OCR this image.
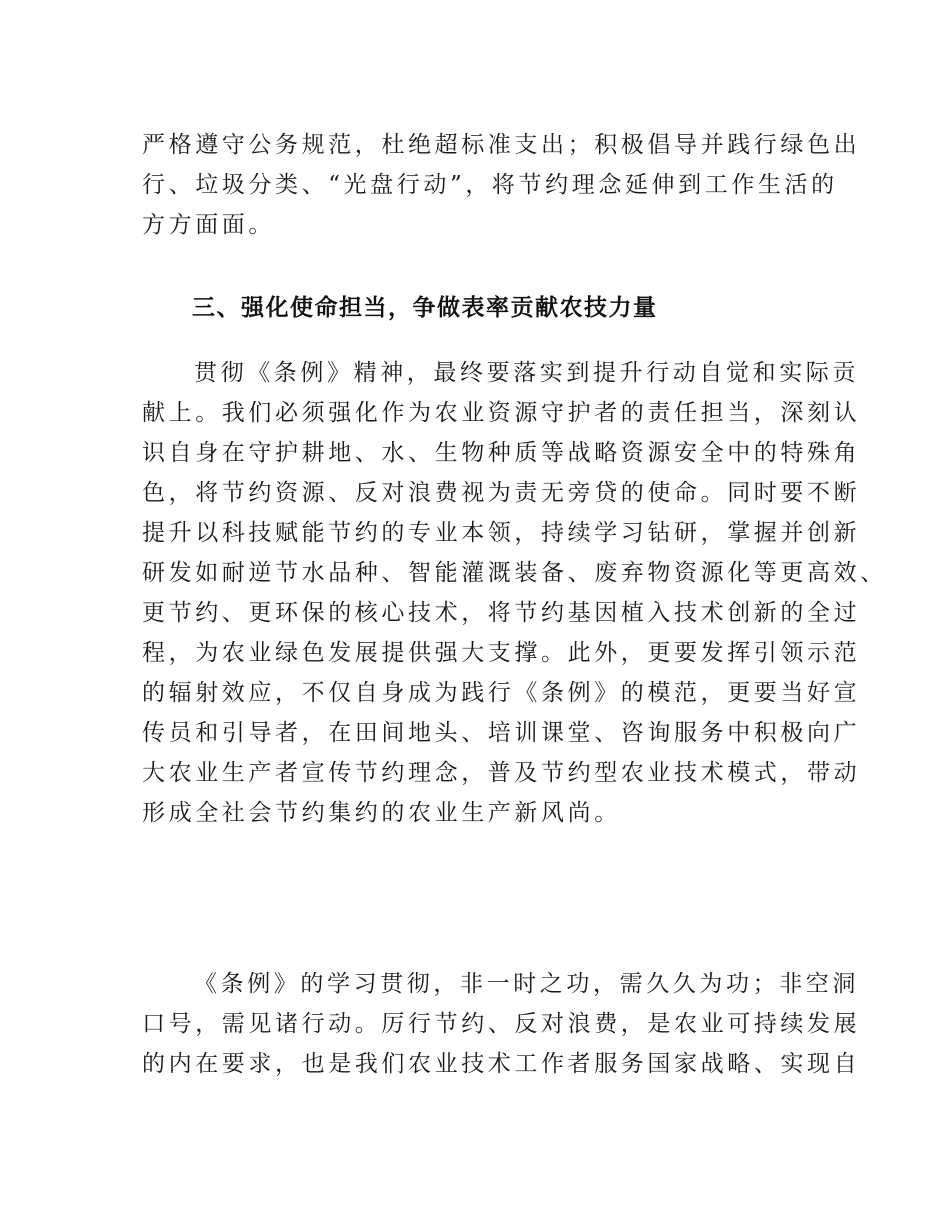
严格遵守公务规范，杜绝超标准支出；积极倡导并践行绿色出
行、垃圾分类、“光盘行动”，将节约理念延伸到工作生活的
方方面面。
三、强化使命担当，争做表率贡献农技力量
贯彻《条例》精神，最终要落实到提升行动自觉和实际贡
献上。我们必须强化作为农业资源守护者的责任担当，深刻认
识自身在守护耕地、水、生物种质等战略资源安全中的特殊角
色，将节约资源、反对浪费视为责无旁贷的使命。同时要不断
提升以科技赋能节约的专业本领，持续学习钻研，掌握并创新
研发如耐逆节水品种、智能灌溉装备、废弃物资源化等更高效、
更节约、更环保的核心技术，将节约基因植入技术创新的全过
程，为农业绿色发展提供强大支撑。此外，更要发挥引领示范
的辐射效应，不仅自身成为践行《条例》的模范，更要当好宣
传员和引导者，在田间地头、培训课堂、咨询服务中积极向广
大农业生产者宣传节约理念，普及节约型农业技术模式，带动
形成全社会节约集约的农业生产新风尚。
《条例》的学习贯彻，非一时之功，需久久为功；非空洞
口号，需见诸行动。厉行节约、反对浪费，是农业可持续发展
的内在要求，也是我们农业技术工作者服务国家战略、实现自
